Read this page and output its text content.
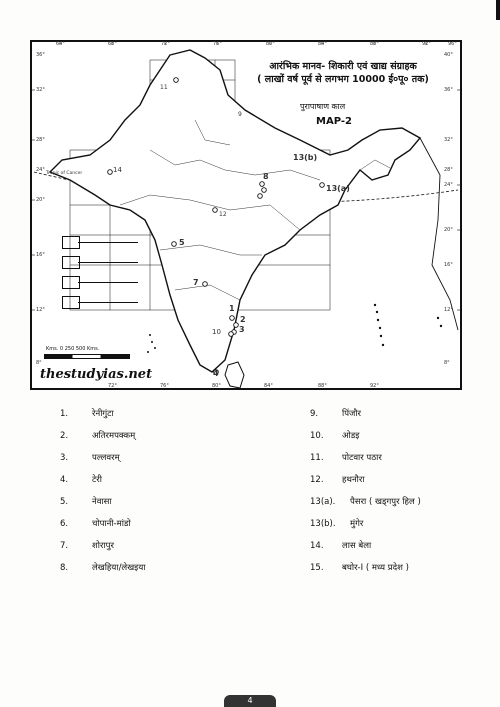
64°	68°	72°	76°	80°	84°	88°	92°	96°
36°
32°
28°
24°
20°
16°
12°
8°
40°
36°
32°
28°
24°
20°
16°
12°
8°
72°	76°	80°	84°	88°	92°
Tropic of Cancer
1
2
3
4
5
7
8
9
10
11
12
13(a)
13(b)
14
आरंभिक मानव- शिकारी एवं खाद्य संग्राहक
( लाखों वर्ष पूर्व से लगभग 10000 ई०पू० तक)
पुरापाषाण काल
MAP-2
Kms. 0 250 500 Kms.
thestudyias.net
1.	रेनीगुंटा
2.	अतिरमपक्कम्
3.	पल्लवरम्
4.	टेरी
5.	नेवासा
6.	चोपानी-मांडो
7.	शोरापुर
8.	लेखहिया/लेखइया
9.	पिंजौर
10. ओडइ
11. पोटवार पठार
12. हथनौरा
13(a). पैसरा ( खड्गपुर हिल )
13(b). मुंगेर
14. लास बेला
15. बघोर-I ( मध्य प्रदेश )
4
